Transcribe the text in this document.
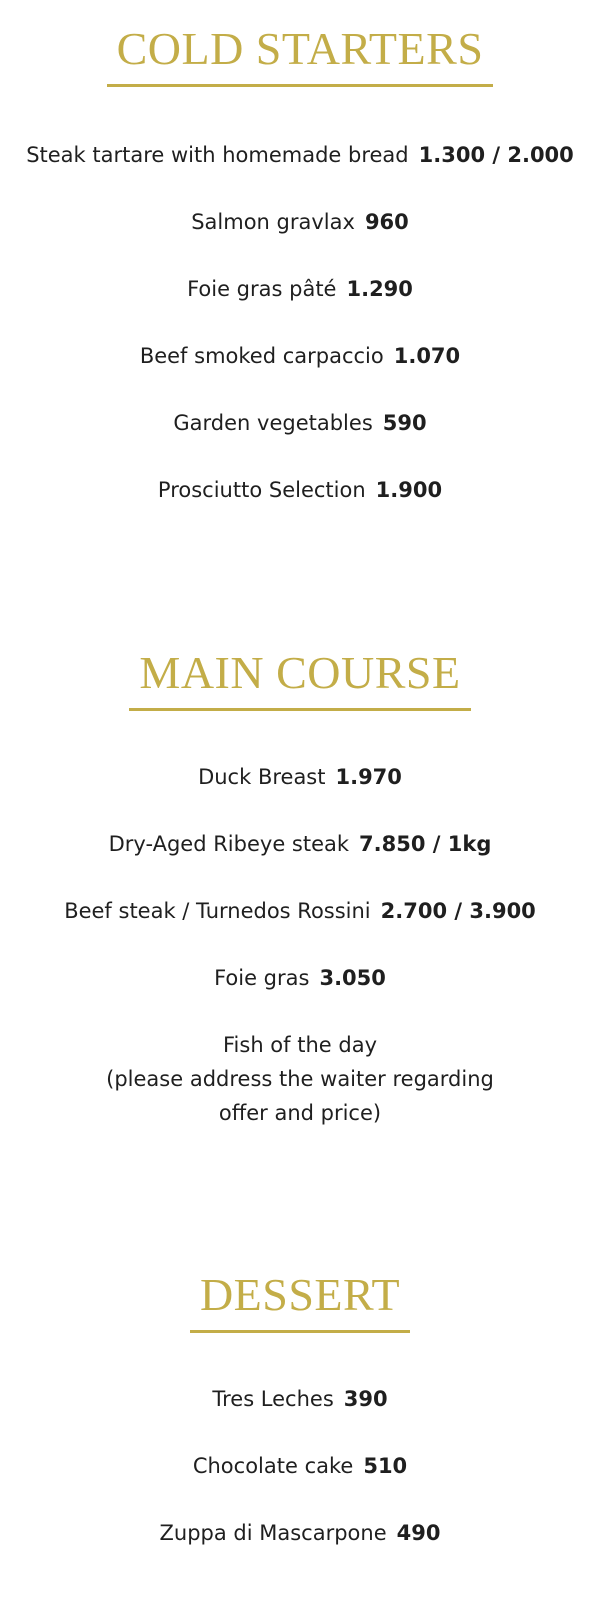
COLD STARTERS
Steak tartare with homemade bread 1.300 / 2.000
Salmon gravlax 960
Foie gras pâté 1.290
Beef smoked carpaccio 1.070
Garden vegetables 590
Prosciutto Selection 1.900
MAIN COURSE
Duck Breast 1.970
Dry-Aged Ribeye steak 7.850 / 1kg
Beef steak / Turnedos Rossini 2.700 / 3.900
Foie gras 3.050
Fish of the day
(please address the waiter regarding
offer and price)
DESSERT
Tres Leches 390
Chocolate cake 510
Zuppa di Mascarpone 490
